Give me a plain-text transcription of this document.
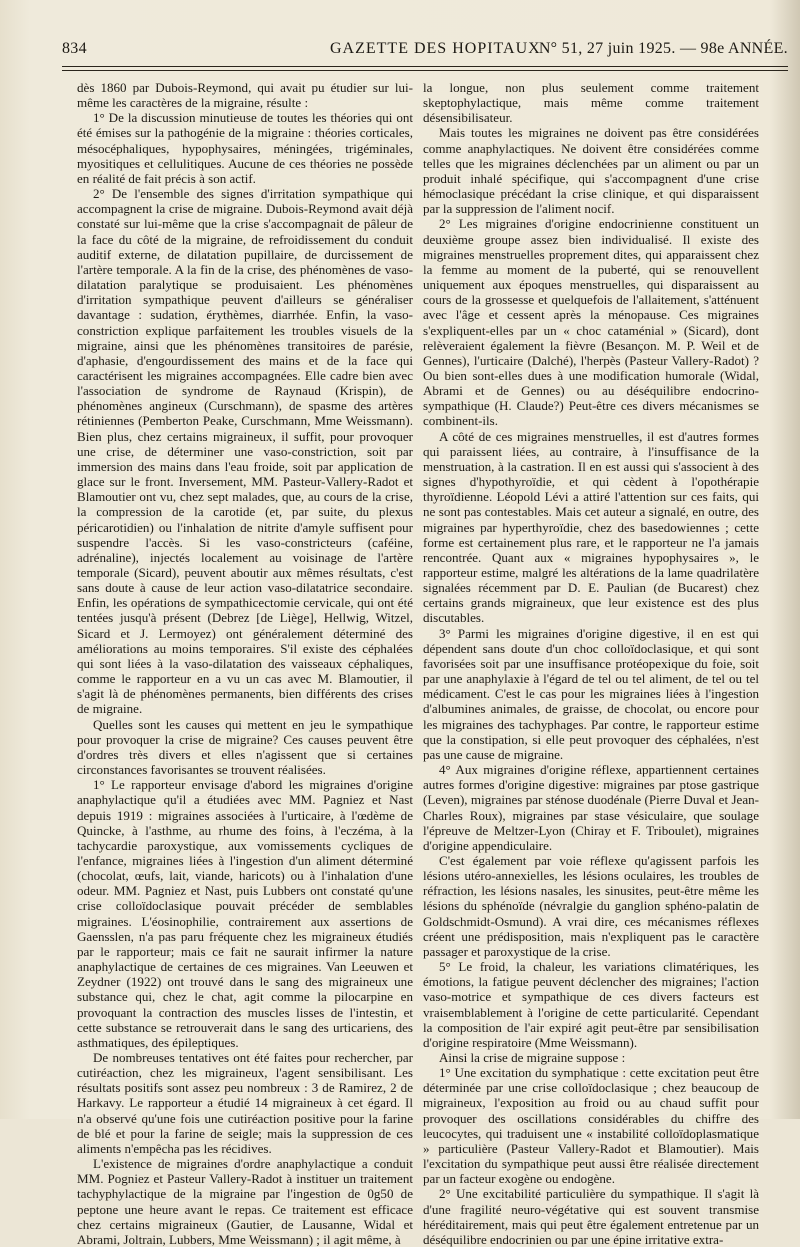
834	GAZETTE DES HOPITAUX
N° 51, 27 juin 1925. — 98e ANNÉE.

dès 1860 par Dubois-Reymond, qui avait pu étudier sur lui-même les caractères de la migraine, résulte :

1° De la discussion minutieuse de toutes les théories qui ont été émises sur la pathogénie de la migraine : théories corticales, mésocéphaliques, hypophysaires, méningées, trigéminales, myositiques et cellulitiques. Aucune de ces théories ne possède en réalité de fait précis à son actif.

2° De l'ensemble des signes d'irritation sympathique qui accompagnent la crise de migraine. Dubois-Reymond avait déjà constaté sur lui-même que la crise s'accompagnait de pâleur de la face du côté de la migraine, de refroidissement du conduit auditif externe, de dilatation pupillaire, de durcissement de l'artère temporale. A la fin de la crise, des phénomènes de vaso-dilatation paralytique se produisaient. Les phénomènes d'irritation sympathique peuvent d'ailleurs se généraliser davantage : sudation, érythèmes, diarrhée. Enfin, la vaso-constriction explique parfaitement les troubles visuels de la migraine, ainsi que les phénomènes transitoires de parésie, d'aphasie, d'engourdissement des mains et de la face qui caractérisent les migraines accompagnées. Elle cadre bien avec l'association de syndrome de Raynaud (Krispin), de phénomènes angineux (Curschmann), de spasme des artères rétiniennes (Pemberton Peake, Curschmann, Mme Weissmann). Bien plus, chez certains migraineux, il suffit, pour provoquer une crise, de déterminer une vaso-constriction, soit par immersion des mains dans l'eau froide, soit par application de glace sur le front. Inversement, MM. Pasteur-Vallery-Radot et Blamoutier ont vu, chez sept malades, que, au cours de la crise, la compression de la carotide (et, par suite, du plexus péricarotidien) ou l'inhalation de nitrite d'amyle suffisent pour suspendre l'accès. Si les vaso-constricteurs (caféine, adrénaline), injectés localement au voisinage de l'artère temporale (Sicard), peuvent aboutir aux mêmes résultats, c'est sans doute à cause de leur action vaso-dilatatrice secondaire. Enfin, les opérations de sympathicectomie cervicale, qui ont été tentées jusqu'à présent (Debrez [de Liège], Hellwig, Witzel, Sicard et J. Lermoyez) ont généralement déterminé des améliorations au moins temporaires. S'il existe des céphalées qui sont liées à la vaso-dilatation des vaisseaux céphaliques, comme le rapporteur en a vu un cas avec M. Blamoutier, il s'agit là de phénomènes permanents, bien différents des crises de migraine.

Quelles sont les causes qui mettent en jeu le sympathique pour provoquer la crise de migraine? Ces causes peuvent être d'ordres très divers et elles n'agissent que si certaines circonstances favorisantes se trouvent réalisées.

1° Le rapporteur envisage d'abord les migraines d'origine anaphylactique qu'il a étudiées avec MM. Pagniez et Nast depuis 1919 : migraines associées à l'urticaire, à l'œdème de Quincke, à l'asthme, au rhume des foins, à l'eczéma, à la tachycardie paroxystique, aux vomissements cycliques de l'enfance, migraines liées à l'ingestion d'un aliment déterminé (chocolat, œufs, lait, viande, haricots) ou à l'inhalation d'une odeur. MM. Pagniez et Nast, puis Lubbers ont constaté qu'une crise colloïdoclasique pouvait précéder de semblables migraines. L'éosinophilie, contrairement aux assertions de Gaensslen, n'a pas paru fréquente chez les migraineux étudiés par le rapporteur; mais ce fait ne saurait infirmer la nature anaphylactique de certaines de ces migraines. Van Leeuwen et Zeydner (1922) ont trouvé dans le sang des migraineux une substance qui, chez le chat, agit comme la pilocarpine en provoquant la contraction des muscles lisses de l'intestin, et cette substance se retrouverait dans le sang des urticariens, des asthmatiques, des épileptiques.

De nombreuses tentatives ont été faites pour rechercher, par cutiréaction, chez les migraineux, l'agent sensibilisant. Les résultats positifs sont assez peu nombreux : 3 de Ramirez, 2 de Harkavy. Le rapporteur a étudié 14 migraineux à cet égard. Il n'a observé qu'une fois une cutiréaction positive pour la farine de blé et pour la farine de seigle; mais la suppression de ces aliments n'empêcha pas les récidives.

L'existence de migraines d'ordre anaphylactique a conduit MM. Pogniez et Pasteur Vallery-Radot à instituer un traitement tachyphylactique de la migraine par l'ingestion de 0g50 de peptone une heure avant le repas. Ce traitement est efficace chez certains migraineux (Gautier, de Lausanne, Widal et Abrami, Joltrain, Lubbers, Mme Weissmann) ; il agit même, à

la longue, non plus seulement comme traitement skeptophylactique, mais même comme traitement désensibilisateur.

Mais toutes les migraines ne doivent pas être considérées comme anaphylactiques. Ne doivent être considérées comme telles que les migraines déclenchées par un aliment ou par un produit inhalé spécifique, qui s'accompagnent d'une crise hémoclasique précédant la crise clinique, et qui disparaissent par la suppression de l'aliment nocif.

2° Les migraines d'origine endocrinienne constituent un deuxième groupe assez bien individualisé. Il existe des migraines menstruelles proprement dites, qui apparaissent chez la femme au moment de la puberté, qui se renouvellent uniquement aux époques menstruelles, qui disparaissent au cours de la grossesse et quelquefois de l'allaitement, s'atténuent avec l'âge et cessent après la ménopause. Ces migraines s'expliquent-elles par un « choc cataménial » (Sicard), dont relèveraient également la fièvre (Besançon. M. P. Weil et de Gennes), l'urticaire (Dalché), l'herpès (Pasteur Vallery-Radot) ? Ou bien sont-elles dues à une modification humorale (Widal, Abrami et de Gennes) ou au déséquilibre endocrino-sympathique (H. Claude?) Peut-être ces divers mécanismes se combinent-ils.

A côté de ces migraines menstruelles, il est d'autres formes qui paraissent liées, au contraire, à l'insuffisance de la menstruation, à la castration. Il en est aussi qui s'associent à des signes d'hypothyroïdie, et qui cèdent à l'opothérapie thyroïdienne. Léopold Lévi a attiré l'attention sur ces faits, qui ne sont pas contestables. Mais cet auteur a signalé, en outre, des migraines par hyperthyroïdie, chez des basedowiennes ; cette forme est certainement plus rare, et le rapporteur ne l'a jamais rencontrée. Quant aux « migraines hypophysaires », le rapporteur estime, malgré les altérations de la lame quadrilatère signalées récemment par D. E. Paulian (de Bucarest) chez certains grands migraineux, que leur existence est des plus discutables.

3° Parmi les migraines d'origine digestive, il en est qui dépendent sans doute d'un choc colloïdoclasique, et qui sont favorisées soit par une insuffisance protéopexique du foie, soit par une anaphylaxie à l'égard de tel ou tel aliment, de tel ou tel médicament. C'est le cas pour les migraines liées à l'ingestion d'albumines animales, de graisse, de chocolat, ou encore pour les migraines des tachyphages. Par contre, le rapporteur estime que la constipation, si elle peut provoquer des céphalées, n'est pas une cause de migraine.

4° Aux migraines d'origine réflexe, appartiennent certaines autres formes d'origine digestive: migraines par ptose gastrique (Leven), migraines par sténose duodénale (Pierre Duval et Jean-Charles Roux), migraines par stase vésiculaire, que soulage l'épreuve de Meltzer-Lyon (Chiray et F. Triboulet), migraines d'origine appendiculaire.

C'est également par voie réflexe qu'agissent parfois les lésions utéro-annexielles, les lésions oculaires, les troubles de réfraction, les lésions nasales, les sinusites, peut-être même les lésions du sphénoïde (névralgie du ganglion sphéno-palatin de Goldschmidt-Osmund). A vrai dire, ces mécanismes réflexes créent une prédisposition, mais n'expliquent pas le caractère passager et paroxystique de la crise.

5° Le froid, la chaleur, les variations climatériques, les émotions, la fatigue peuvent déclencher des migraines; l'action vaso-motrice et sympathique de ces divers facteurs est vraisemblablement à l'origine de cette particularité. Cependant la composition de l'air expiré agit peut-être par sensibilisation d'origine respiratoire (Mme Weissmann).

Ainsi la crise de migraine suppose :

1° Une excitation du symphatique : cette excitation peut être déterminée par une crise colloïdoclasique ; chez beaucoup de migraineux, l'exposition au froid ou au chaud suffit pour provoquer des oscillations considérables du chiffre des leucocytes, qui traduisent une « instabilité colloïdoplasmatique » particulière (Pasteur Vallery-Radot et Blamoutier). Mais l'excitation du sympathique peut aussi être réalisée directement par un facteur exogène ou endogène.

2° Une excitabilité particulière du sympathique. Il s'agit là d'une fragilité neuro-végétative qui est souvent transmise héréditairement, mais qui peut être également entretenue par un déséquilibre endocrinien ou par une épine irritative extra-
